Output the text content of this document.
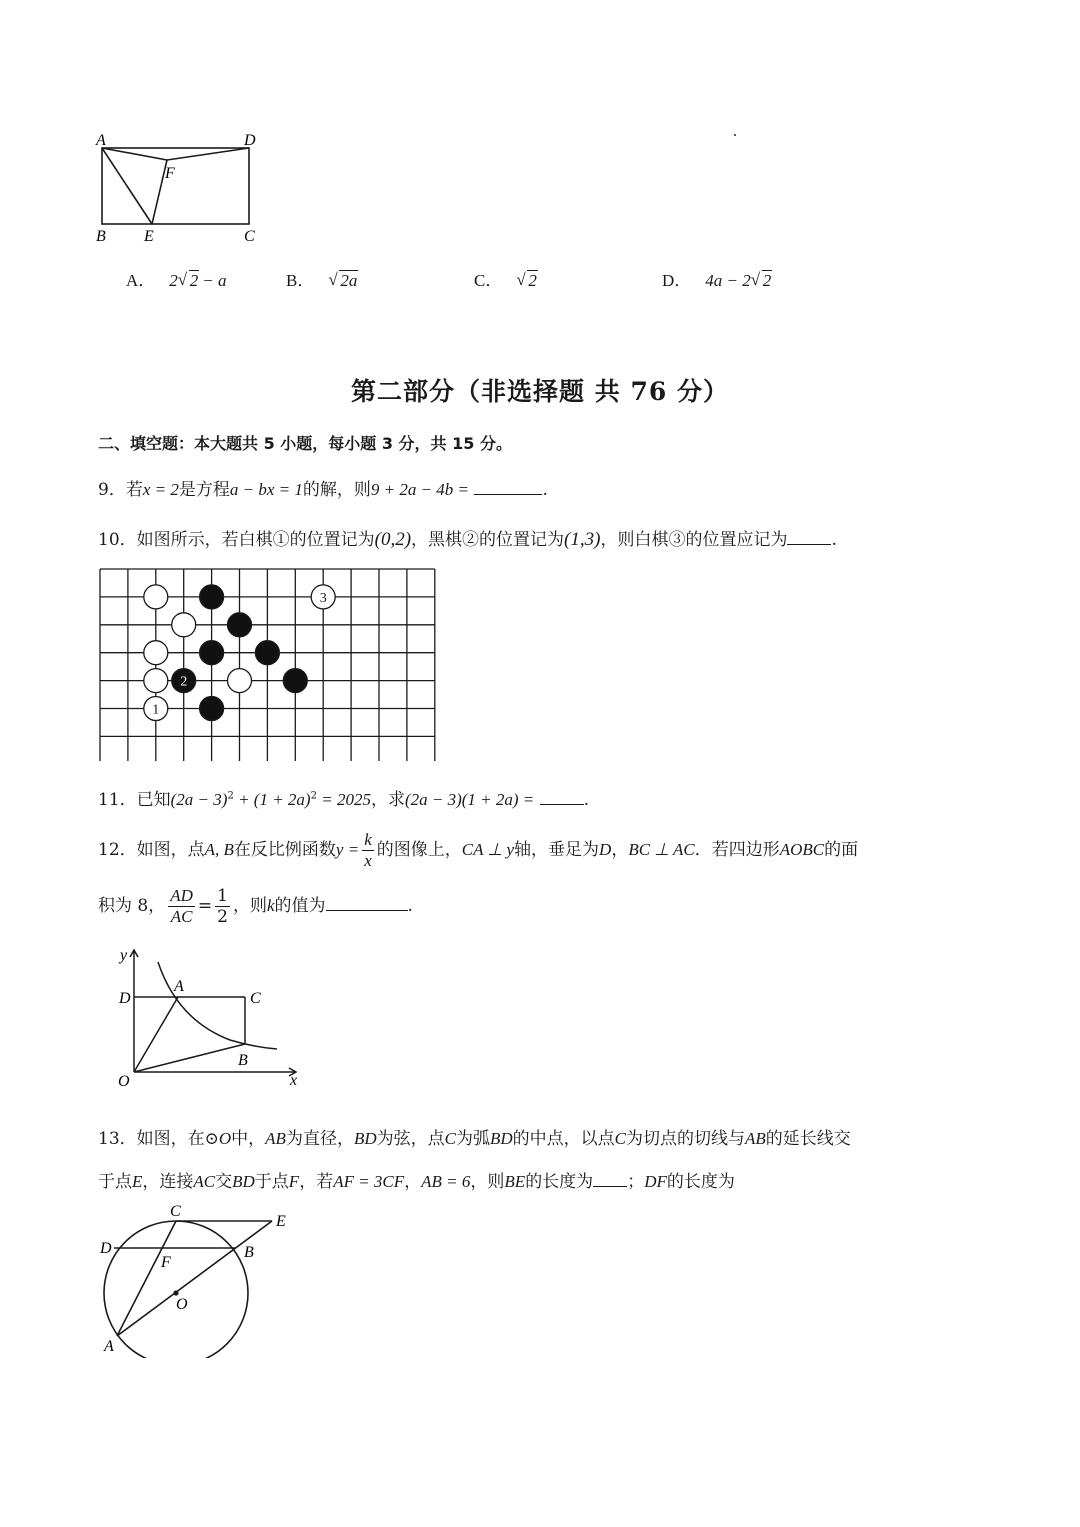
A	D
F
B E	C
A． 2 √ 2 − a	B． √ 2a	C． √ 2	D． 4a − 2 √ 2
第二部分（非选择题 共 76 分）
二、填空题：本大题共 5 小题，每小题 3 分，共 15 分。
9．若x = 2是方程a − bx = 1的解，则9 + 2a − 4b =	.
10．如图所示，若白棋①的位置记为(0,2)，黑棋②的位置记为(1,3)，则白棋③的位置应记为	.
3
2
1
11．已知$(2a - 3)^2 + (1 + 2a)^2 = 2025$，求(2a − 3)(1 + 2a) =	.
12．如图，点A, B在反比例函数$y = \frac{k}{x}$ 的图像上，CA ⊥ y轴，垂足为D，BC ⊥ AC．若四边形AOBC的面
积为 8， $\frac{AD}{AC} = \frac{1}{2}$ ，则k的值为	.
y
x
O
A
D	C
B
13．如图，在⊙O中，AB为直径，BD为弦，点C为弧BD的中点，以点C为切点的切线与AB的延长线交
于点E，连接AC交BD于点F，若AF = 3CF，AB = 6，则BE的长度为 ；DF的长度为
C
E
D
F
B
O
A
